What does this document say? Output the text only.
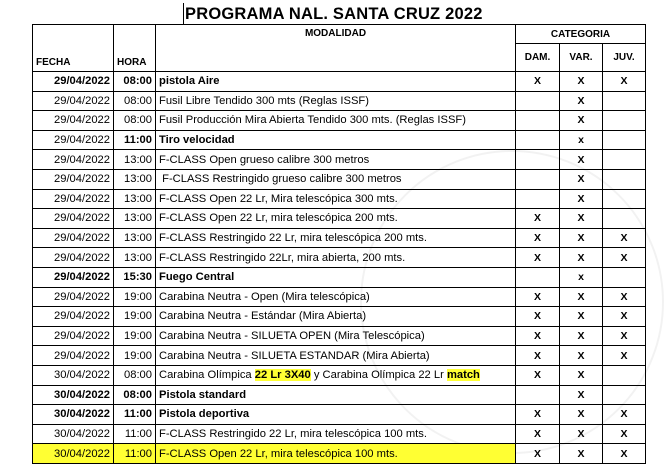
PROGRAMA NAL. SANTA CRUZ 2022
FECHA	HORA	MODALIDAD	CATEGORIA		
			DAM.	VAR.	JUV.
29/04/2022	08:00	pistola Aire	X	X	X
29/04/2022	08:00	Fusil Libre Tendido 300 mts (Reglas ISSF)		X	
29/04/2022	08:00	Fusil Producción Mira Abierta Tendido 300 mts. (Reglas ISSF)		X	
29/04/2022	11:00	Tiro velocidad		x	
29/04/2022	13:00	F-CLASS Open grueso calibre 300 metros		X	
29/04/2022	13:00	F-CLASS Restringido grueso calibre 300 metros		X	
29/04/2022	13:00	F-CLASS Open 22 Lr, Mira telescópica 300 mts.		X	
29/04/2022	13:00	F-CLASS Open 22 Lr, mira telescópica 200 mts.	X	X	
29/04/2022	13:00	F-CLASS Restringido 22 Lr, mira telescópica 200 mts.	X	X	X
29/04/2022	13:00	F-CLASS Restringido 22Lr, mira abierta, 200 mts.	X	X	X
29/04/2022	15:30	Fuego Central		x	
29/04/2022	19:00	Carabina Neutra - Open (Mira telescópica)	X	X	X
29/04/2022	19:00	Carabina Neutra - Estándar (Mira Abierta)	X	X	X
29/04/2022	19:00	Carabina Neutra - SILUETA OPEN (Mira Telescópica)	X	X	X
29/04/2022	19:00	Carabina Neutra - SILUETA ESTANDAR (Mira Abierta)	X	X	X
30/04/2022	08:00	Carabina Olímpica 22 Lr 3X40 y Carabina Olímpica 22 Lr match	X	X	
30/04/2022	08:00	Pistola standard		X	
30/04/2022	11:00	Pistola deportiva	X	X	X
30/04/2022	11:00	F-CLASS Restringido 22 Lr, mira telescópica 100 mts.	X	X	X
30/04/2022	11:00	F-CLASS Open 22 Lr, mira telescópica 100 mts.	X	X	X
